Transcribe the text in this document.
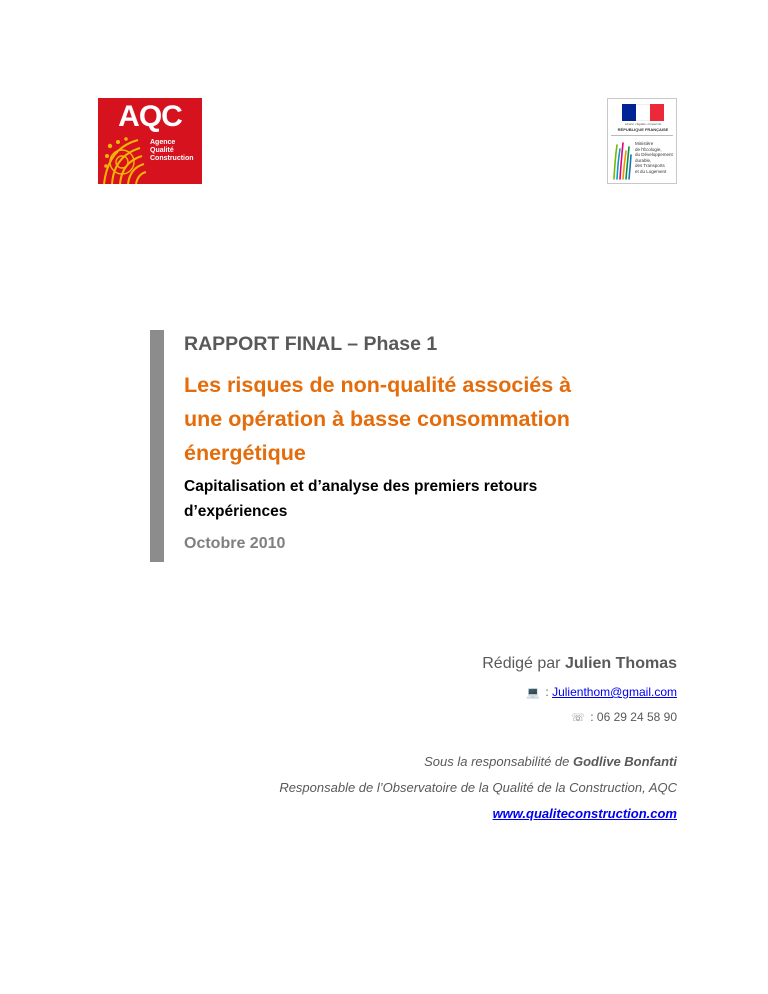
AQC
Agence
Qualité
Construction
Liberté • Égalité • Fraternité
RÉPUBLIQUE FRANÇAISE
Ministère
de l'Écologie,
du Développement
durable,
des Transports
et du Logement
RAPPORT FINAL – Phase 1
Les risques de non-qualité associés à
une opération à basse consommation
énergétique
Capitalisation et d’analyse des premiers retours
d’expériences
Octobre 2010
Rédigé par Julien Thomas
💻 : Julienthom@gmail.com
☏ : 06 29 24 58 90
Sous la responsabilité de Godlive Bonfanti
Responsable de l’Observatoire de la Qualité de la Construction, AQC
www.qualiteconstruction.com
